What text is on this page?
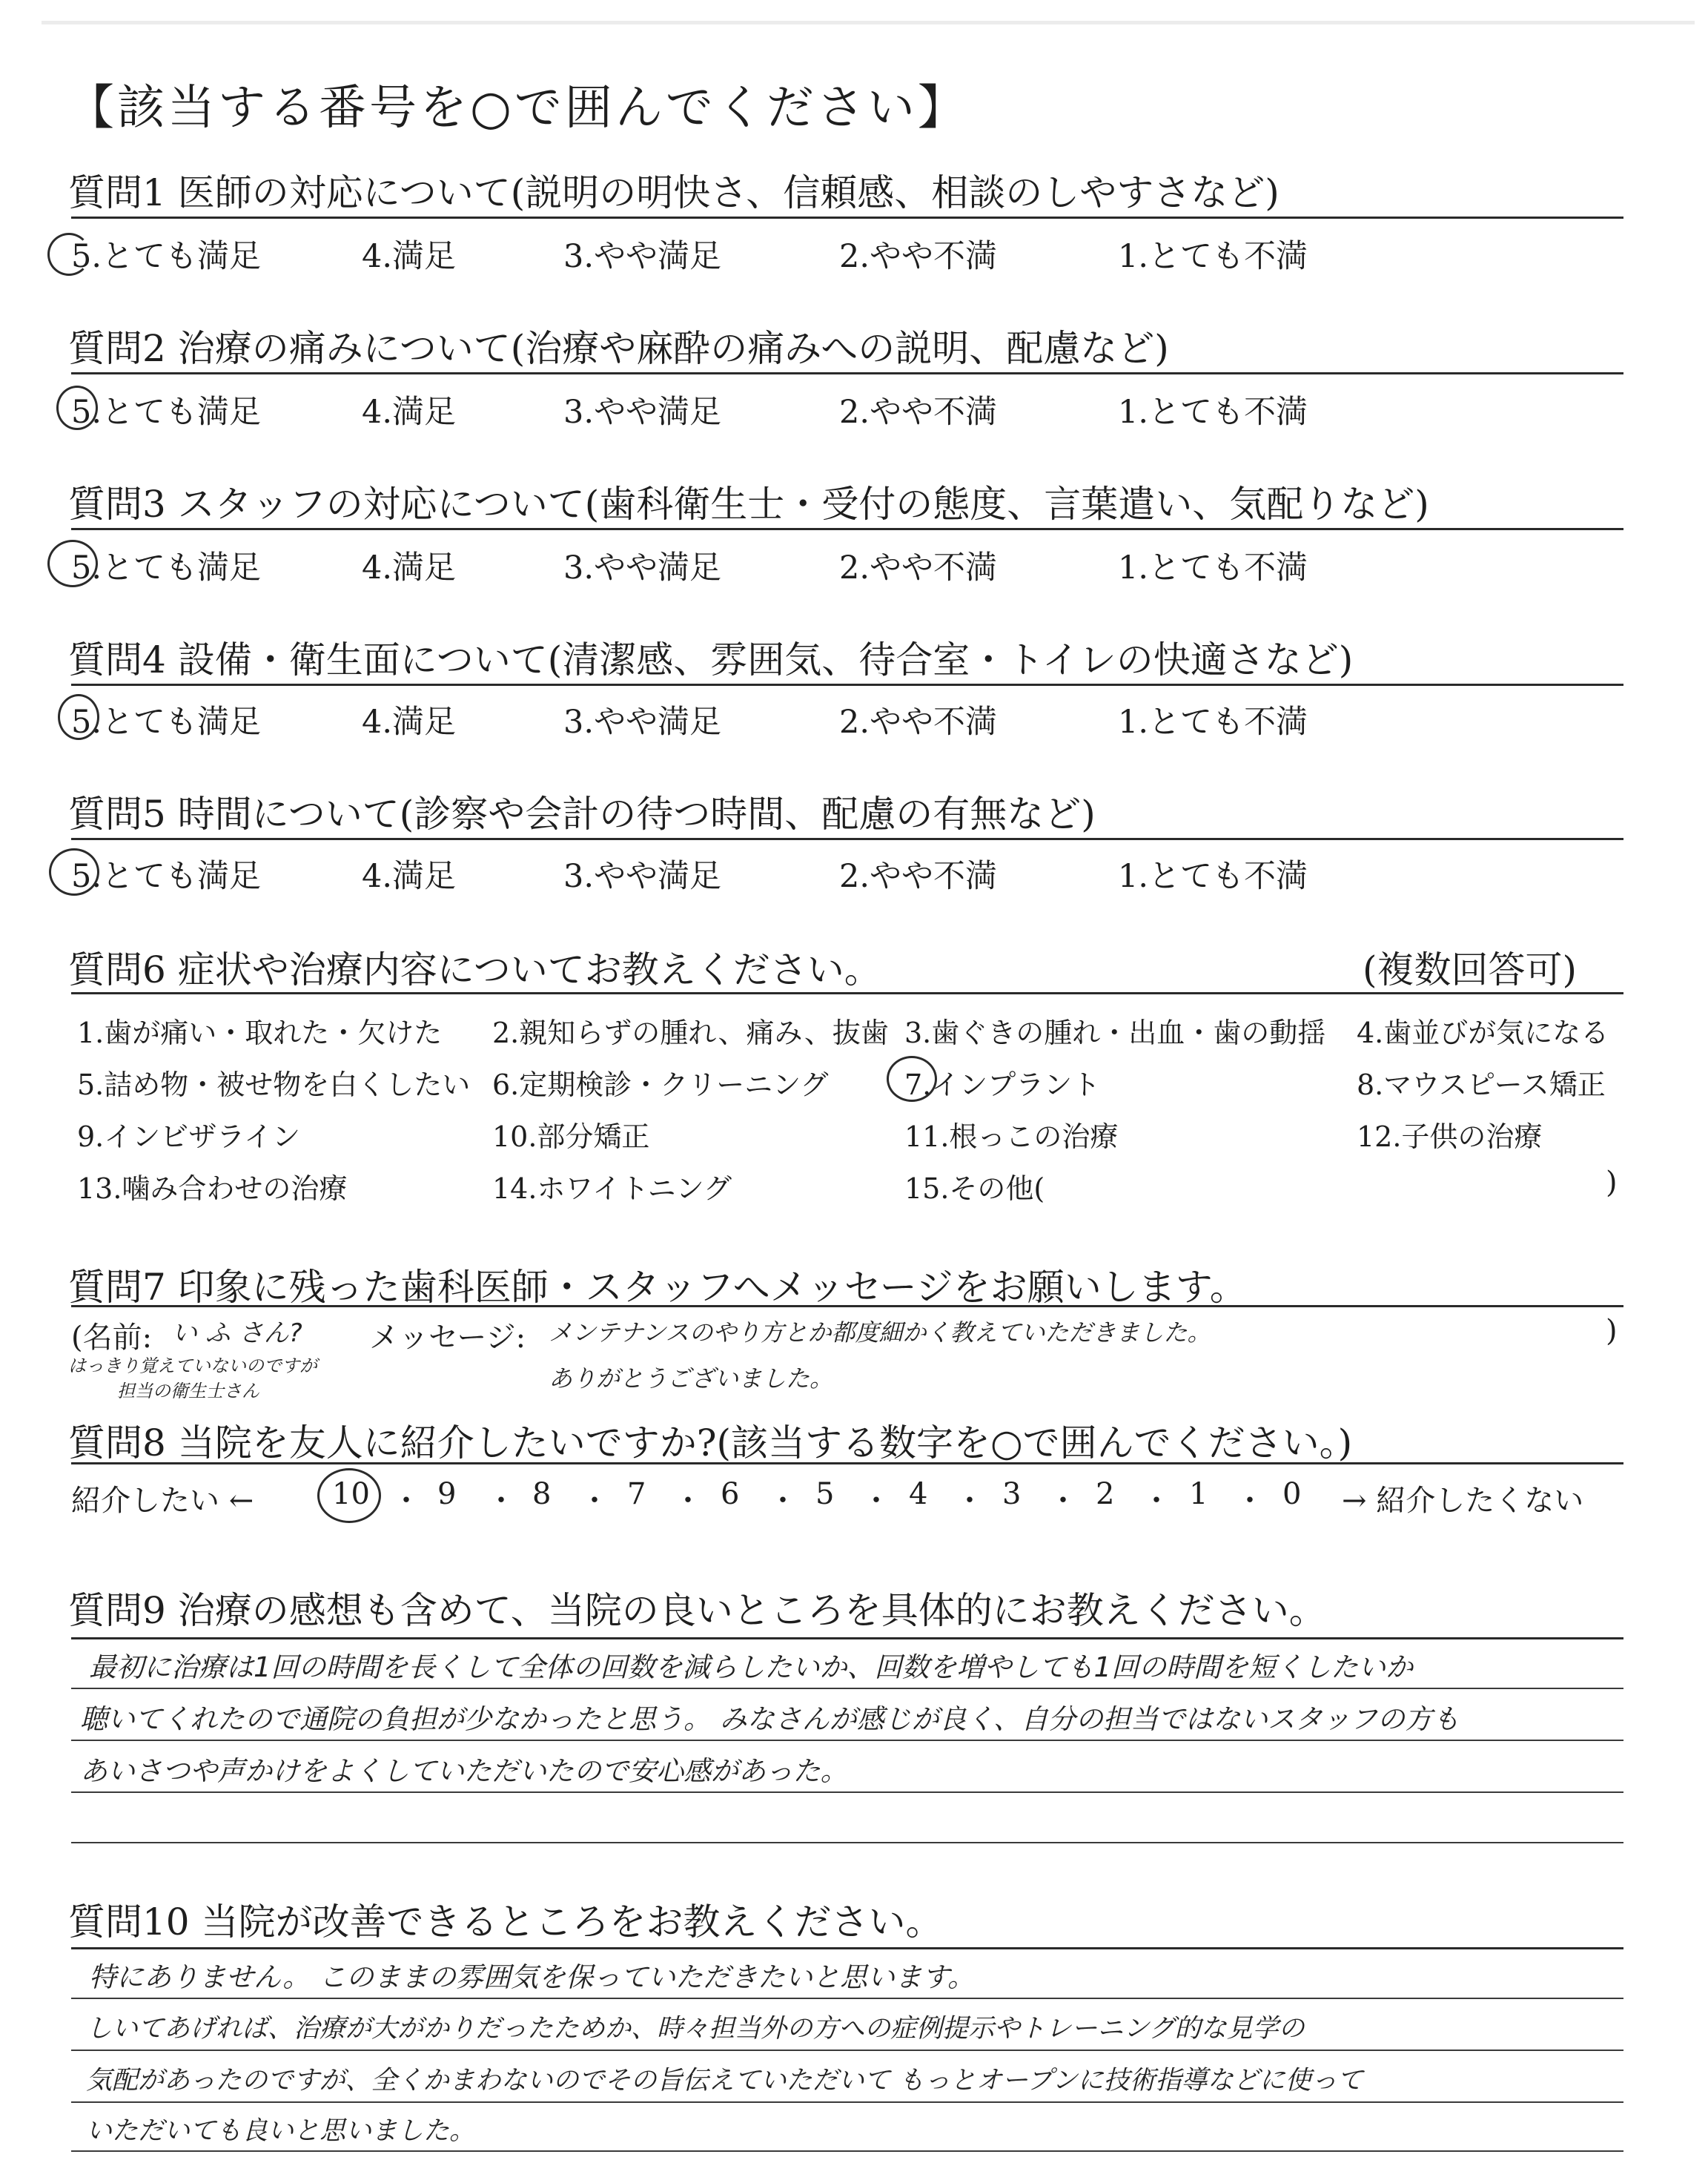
【該当する番号を○で囲んでください】
質問1 医師の対応について(説明の明快さ、信頼感、相談のしやすさなど)
5.とても満足	4.満足	3.やや満足	2.やや不満	1.とても不満
質問2 治療の痛みについて(治療や麻酔の痛みへの説明、配慮など)
5.とても満足	4.満足	3.やや満足	2.やや不満	1.とても不満
質問3 スタッフの対応について(歯科衛生士・受付の態度、言葉遣い、気配りなど)
5.とても満足	4.満足	3.やや満足	2.やや不満	1.とても不満
質問4 設備・衛生面について(清潔感、雰囲気、待合室・トイレの快適さなど)
5.とても満足	4.満足	3.やや満足	2.やや不満	1.とても不満
質問5 時間について(診察や会計の待つ時間、配慮の有無など)
5.とても満足	4.満足	3.やや満足	2.やや不満	1.とても不満
質問6 症状や治療内容についてお教えください。	(複数回答可)
1.歯が痛い・取れた・欠けた 2.親知らずの腫れ、痛み、抜歯 3.歯ぐきの腫れ・出血・歯の動揺 4.歯並びが気になる
5.詰め物・被せ物を白くしたい 6.定期検診・クリーニング	7.インプラント	8.マウスピース矯正
9.インビザライン	10.部分矯正	11.根っこの治療	12.子供の治療
13.噛み合わせの治療	14.ホワイトニング	15.その他(	)
質問7 印象に残った歯科医師・スタッフへメッセージをお願いします。
(名前: い ふ さん?
はっきり覚えていないのですが
担当の衛生士さん
メッセージ: メンテナンスのやり方とか都度細かく教えていただきました。
ありがとうございました。
)
質問8 当院を友人に紹介したいですか?(該当する数字を○で囲んでください。)
紹介したい ←	10 9	8	7	6	5	4	3	2	1	0
・ ・ ・ ・ ・ ・ ・ ・ ・ ・	→ 紹介したくない
質問9 治療の感想も含めて、当院の良いところを具体的にお教えください。
最初に治療は1回の時間を長くして全体の回数を減らしたいか、回数を増やしても1回の時間を短くしたいか
聴いてくれたので通院の負担が少なかったと思う。 みなさんが感じが良く、自分の担当ではないスタッフの方も
あいさつや声かけをよくしていただいたので安心感があった。
質問10 当院が改善できるところをお教えください。
特にありません。 このままの雰囲気を保っていただきたいと思います。
しいてあげれば、治療が大がかりだったためか、時々担当外の方への症例提示やトレーニング的な見学の
気配があったのですが、全くかまわないのでその旨伝えていただいて もっとオープンに技術指導などに使って
いただいても良いと思いました。
